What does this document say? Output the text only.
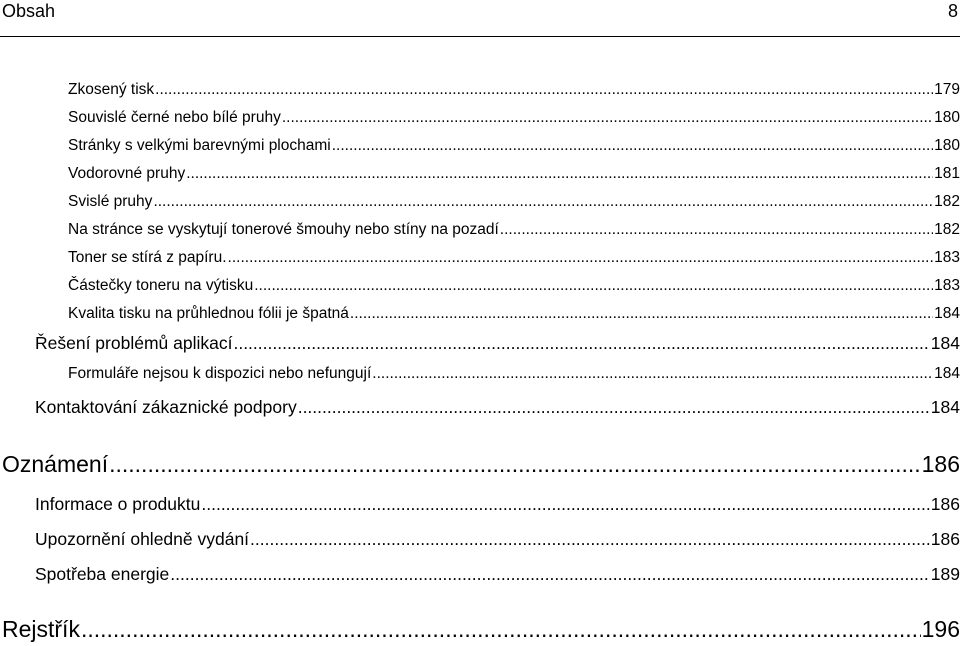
Obsah	8
Zkosený tisk .....	179
Souvislé černé nebo bílé pruhy .....	180
Stránky s velkými barevnými plochami .....	180
Vodorovné pruhy .....	181
Svislé pruhy .....	182
Na stránce se vyskytují tonerové šmouhy nebo stíny na pozadí .....	182
Toner se stírá z papíru. .....	183
Částečky toneru na výtisku .....	183
Kvalita tisku na průhlednou fólii je špatná .....	184
Řešení problémů aplikací .....	184
Formuláře nejsou k dispozici nebo nefungují .....	184
Kontaktování zákaznické podpory .....	184
Oznámení .....	186
Informace o produktu .....	186
Upozornění ohledně vydání .....	186
Spotřeba energie .....	189
Rejstřík .....	196
